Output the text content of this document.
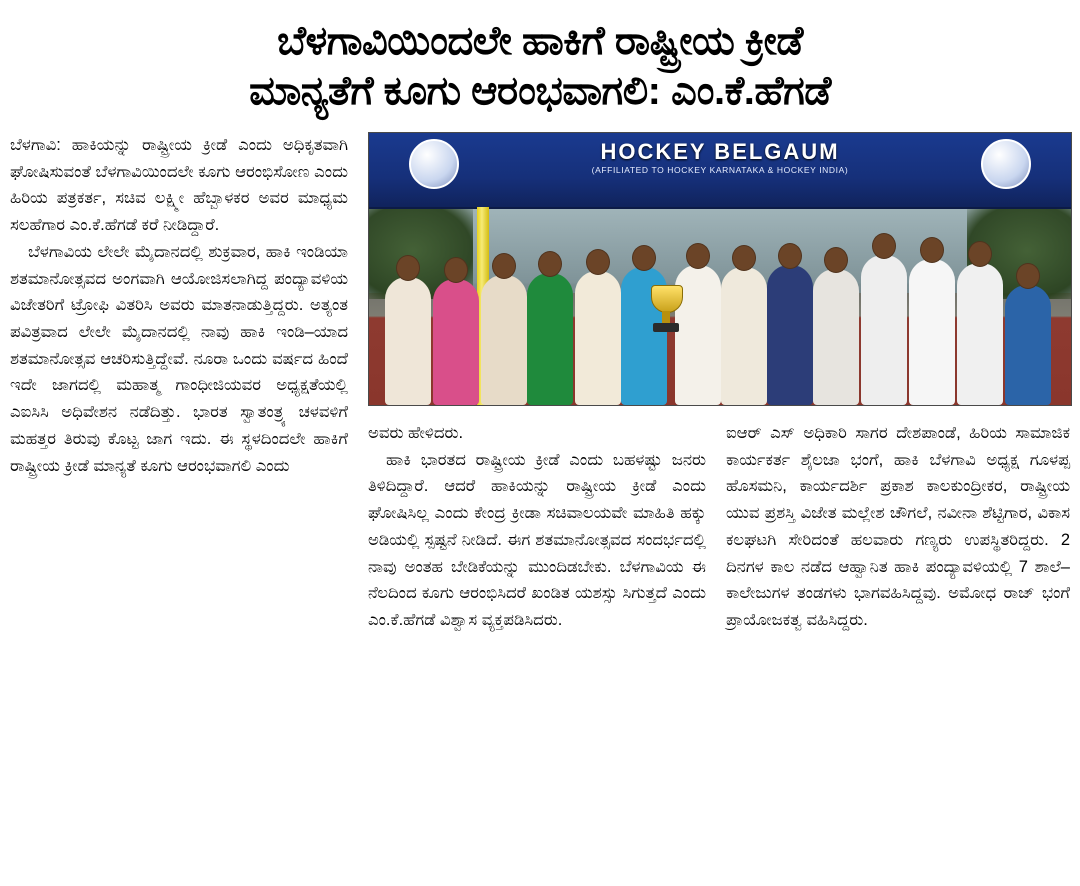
ಬೆಳಗಾವಿಯಿಂದಲೇ ಹಾಕಿಗೆ ರಾಷ್ಟ್ರೀಯ ಕ್ರೀಡೆ
ಮಾನ್ಯತೆಗೆ ಕೂಗು ಆರಂಭವಾಗಲಿ: ಎಂ.ಕೆ.ಹೆಗಡೆ
HOCKEY BELGAUM
(AFFILIATED TO HOCKEY KARNATAKA & HOCKEY INDIA)

ಬೆಳಗಾವಿ: ಹಾಕಿಯನ್ನು ರಾಷ್ಟ್ರೀಯ ಕ್ರೀಡೆ ಎಂದು ಅಧಿಕೃತವಾಗಿ ಘೋಷಿಸುವಂತೆ ಬೆಳಗಾವಿಯಿಂದಲೇ ಕೂಗು ಆರಂಭಿಸೋಣ ಎಂದು ಹಿರಿಯ ಪತ್ರಕರ್ತ, ಸಚಿವ ಲಕ್ಷ್ಮೀ ಹೆಬ್ಬಾಳಕರ ಅವರ ಮಾಧ್ಯಮ ಸಲಹೆಗಾರ ಎಂ.ಕೆ.ಹೆಗಡೆ ಕರೆ ನೀಡಿದ್ದಾರೆ.

ಬೆಳಗಾವಿಯ ಲೇಲೇ ಮೈದಾನದಲ್ಲಿ ಶುಕ್ರವಾರ, ಹಾಕಿ ಇಂಡಿಯಾ ಶತಮಾನೋತ್ಸವದ ಅಂಗವಾಗಿ ಆಯೋಜಿಸಲಾಗಿದ್ದ ಪಂದ್ಯಾವಳಿಯ ವಿಜೇತರಿಗೆ ಟ್ರೋಫಿ ವಿತರಿಸಿ ಅವರು ಮಾತನಾಡುತ್ತಿದ್ದರು. ಅತ್ಯಂತ ಪವಿತ್ರವಾದ ಲೇಲೇ ಮೈದಾನದಲ್ಲಿ ನಾವು ಹಾಕಿ ಇಂಡಿ–ಯಾದ ಶತಮಾನೋತ್ಸವ ಆಚರಿಸುತ್ತಿದ್ದೇವೆ. ನೂರಾ ಒಂದು ವರ್ಷದ ಹಿಂದೆ ಇದೇ ಜಾಗದಲ್ಲಿ ಮಹಾತ್ಮ ಗಾಂಧೀಜಿಯವರ ಅಧ್ಯಕ್ಷತೆಯಲ್ಲಿ ಎಐಸಿಸಿ ಅಧಿವೇಶನ ನಡೆದಿತ್ತು. ಭಾರತ ಸ್ವಾತಂತ್ರ್ಯ ಚಳವಳಿಗೆ ಮಹತ್ತರ ತಿರುವು ಕೊಟ್ಟ ಜಾಗ ಇದು. ಈ ಸ್ಥಳದಿಂದಲೇ ಹಾಕಿಗೆ ರಾಷ್ಟ್ರೀಯ ಕ್ರೀಡೆ ಮಾನ್ಯತೆ ಕೂಗು ಆರಂಭವಾಗಲಿ ಎಂದು

ಅವರು ಹೇಳಿದರು.

ಹಾಕಿ ಭಾರತದ ರಾಷ್ಟ್ರೀಯ ಕ್ರೀಡೆ ಎಂದು ಬಹಳಷ್ಟು ಜನರು ತಿಳಿದಿದ್ದಾರೆ. ಆದರೆ ಹಾಕಿಯನ್ನು ರಾಷ್ಟ್ರೀಯ ಕ್ರೀಡೆ ಎಂದು ಘೋಷಿಸಿಲ್ಲ ಎಂದು ಕೇಂದ್ರ ಕ್ರೀಡಾ ಸಚಿವಾಲಯವೇ ಮಾಹಿತಿ ಹಕ್ಕು ಅಡಿಯಲ್ಲಿ ಸ್ಪಷ್ಟನೆ ನೀಡಿದೆ. ಈಗ ಶತಮಾನೋತ್ಸವದ ಸಂದರ್ಭದಲ್ಲಿ ನಾವು ಅಂತಹ ಬೇಡಿಕೆಯನ್ನು ಮುಂದಿಡಬೇಕು. ಬೆಳಗಾವಿಯ ಈ ನೆಲದಿಂದ ಕೂಗು ಆರಂಭಿಸಿದರೆ ಖಂಡಿತ ಯಶಸ್ಸು ಸಿಗುತ್ತದೆ ಎಂದು ಎಂ.ಕೆ.ಹೆಗಡೆ ವಿಶ್ವಾಸ ವ್ಯಕ್ತಪಡಿಸಿದರು.

ಐಆರ್ ಎಸ್ ಅಧಿಕಾರಿ ಸಾಗರ ದೇಶಪಾಂಡೆ, ಹಿರಿಯ ಸಾಮಾಜಿಕ ಕಾರ್ಯಕರ್ತ ಶೈಲಜಾ ಭಂಗೆ, ಹಾಕಿ ಬೆಳಗಾವಿ ಅಧ್ಯಕ್ಷ ಗೂಳಪ್ಪ ಹೊಸಮನಿ, ಕಾರ್ಯದರ್ಶಿ ಪ್ರಕಾಶ ಕಾಲಕುಂದ್ರೀಕರ, ರಾಷ್ಟ್ರೀಯ ಯುವ ಪ್ರಶಸ್ತಿ ವಿಜೇತ ಮಲ್ಲೇಶ ಚೌಗಲೆ, ನವೀನಾ ಶೆಟ್ಟಿಗಾರ, ವಿಕಾಸ ಕಲಘಟಗಿ ಸೇರಿದಂತೆ ಹಲವಾರು ಗಣ್ಯರು ಉಪಸ್ಥಿತರಿದ್ದರು. 2 ದಿನಗಳ ಕಾಲ ನಡೆದ ಆಹ್ವಾನಿತ ಹಾಕಿ ಪಂದ್ಯಾವಳಿಯಲ್ಲಿ 7 ಶಾಲೆ–ಕಾಲೇಜುಗಳ ತಂಡಗಳು ಭಾಗವಹಿಸಿದ್ದವು. ಅಮೋಧ ರಾಜ್ ಭಂಗೆ ಪ್ರಾಯೋಜಕತ್ವ ವಹಿಸಿದ್ದರು.
